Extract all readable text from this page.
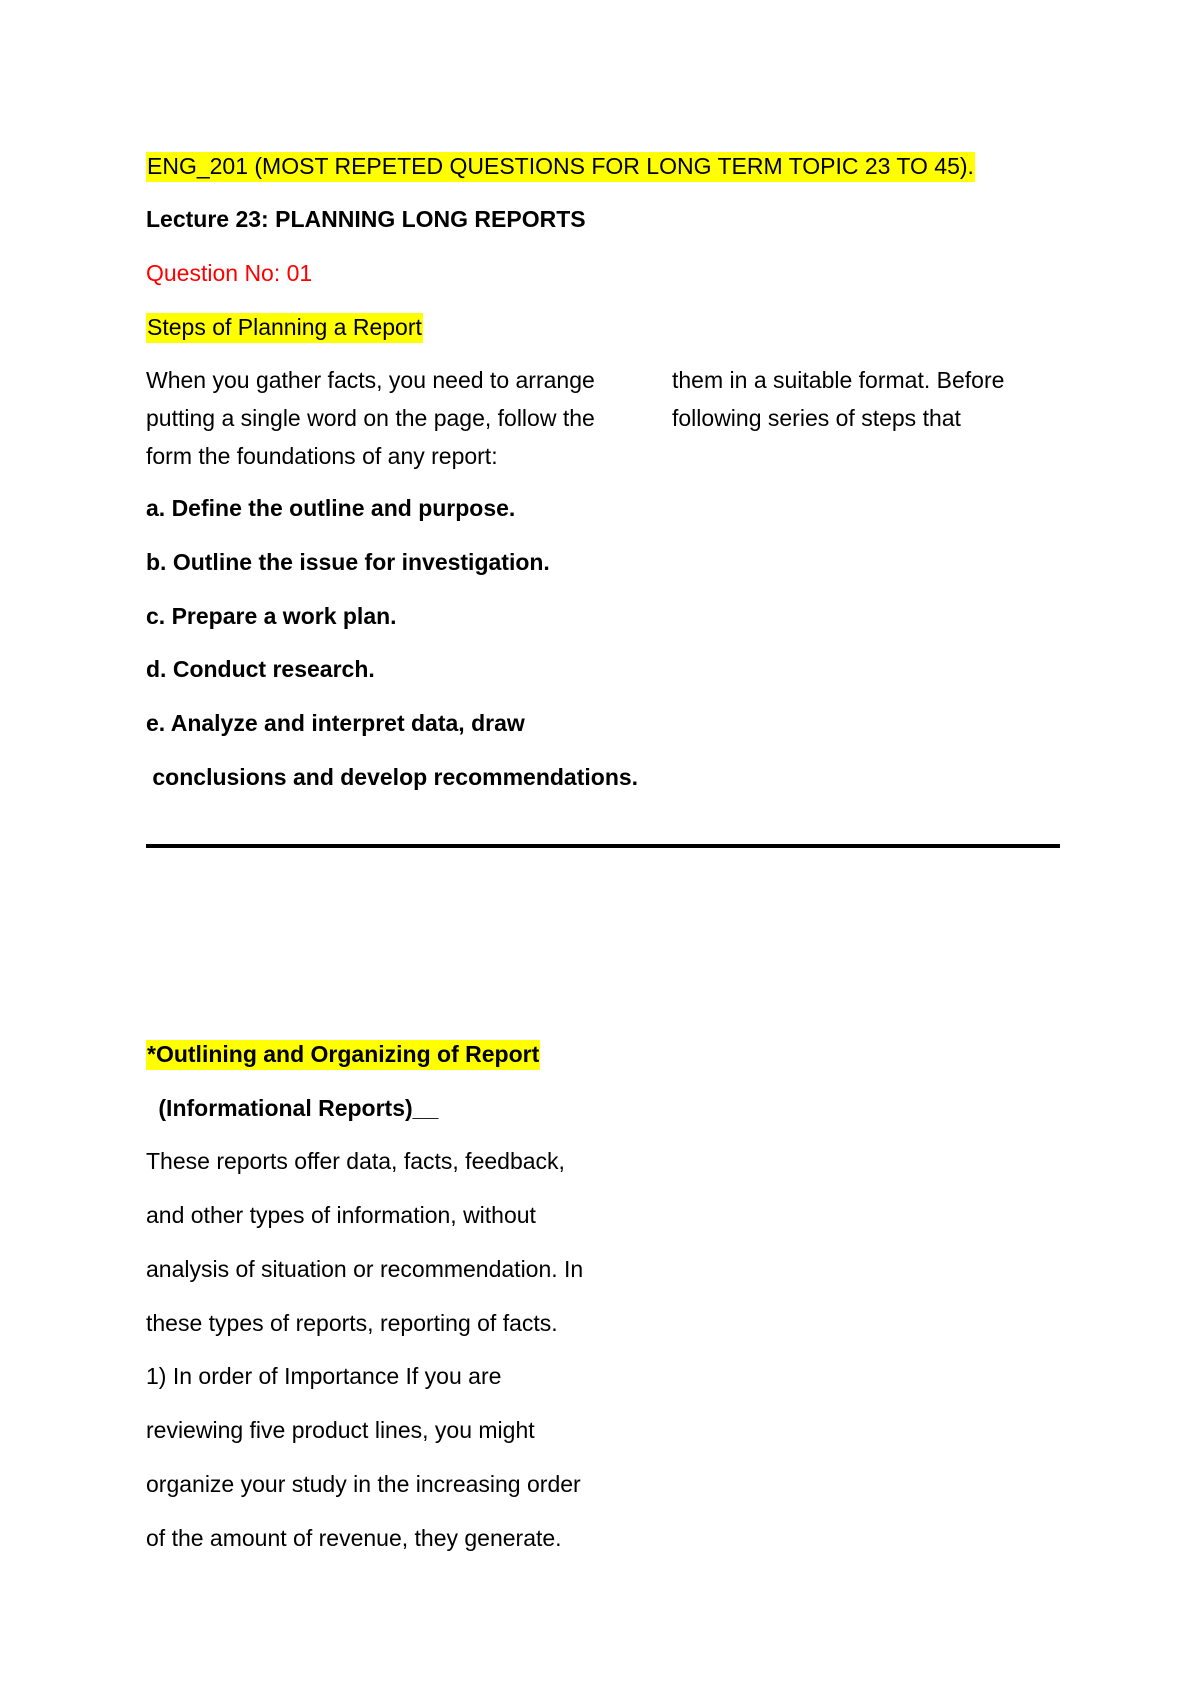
ENG_201 (MOST REPETED QUESTIONS FOR LONG TERM TOPIC 23 TO 45).
Lecture 23: PLANNING LONG REPORTS
Question No: 01
Steps of Planning a Report
When you gather facts, you need to arrange	them in a suitable format. Before
putting a single word on the page, follow the	following series of steps that
form the foundations of any report:
a. Define the outline and purpose.
b. Outline the issue for investigation.
c. Prepare a work plan.
d. Conduct research.
e. Analyze and interpret data, draw
conclusions and develop recommendations.
*Outlining and Organizing of Report
(Informational Reports)__
These reports offer data, facts, feedback,
and other types of information, without
analysis of situation or recommendation. In
these types of reports, reporting of facts.
1) In order of Importance If you are
reviewing five product lines, you might
organize your study in the increasing order
of the amount of revenue, they generate.
